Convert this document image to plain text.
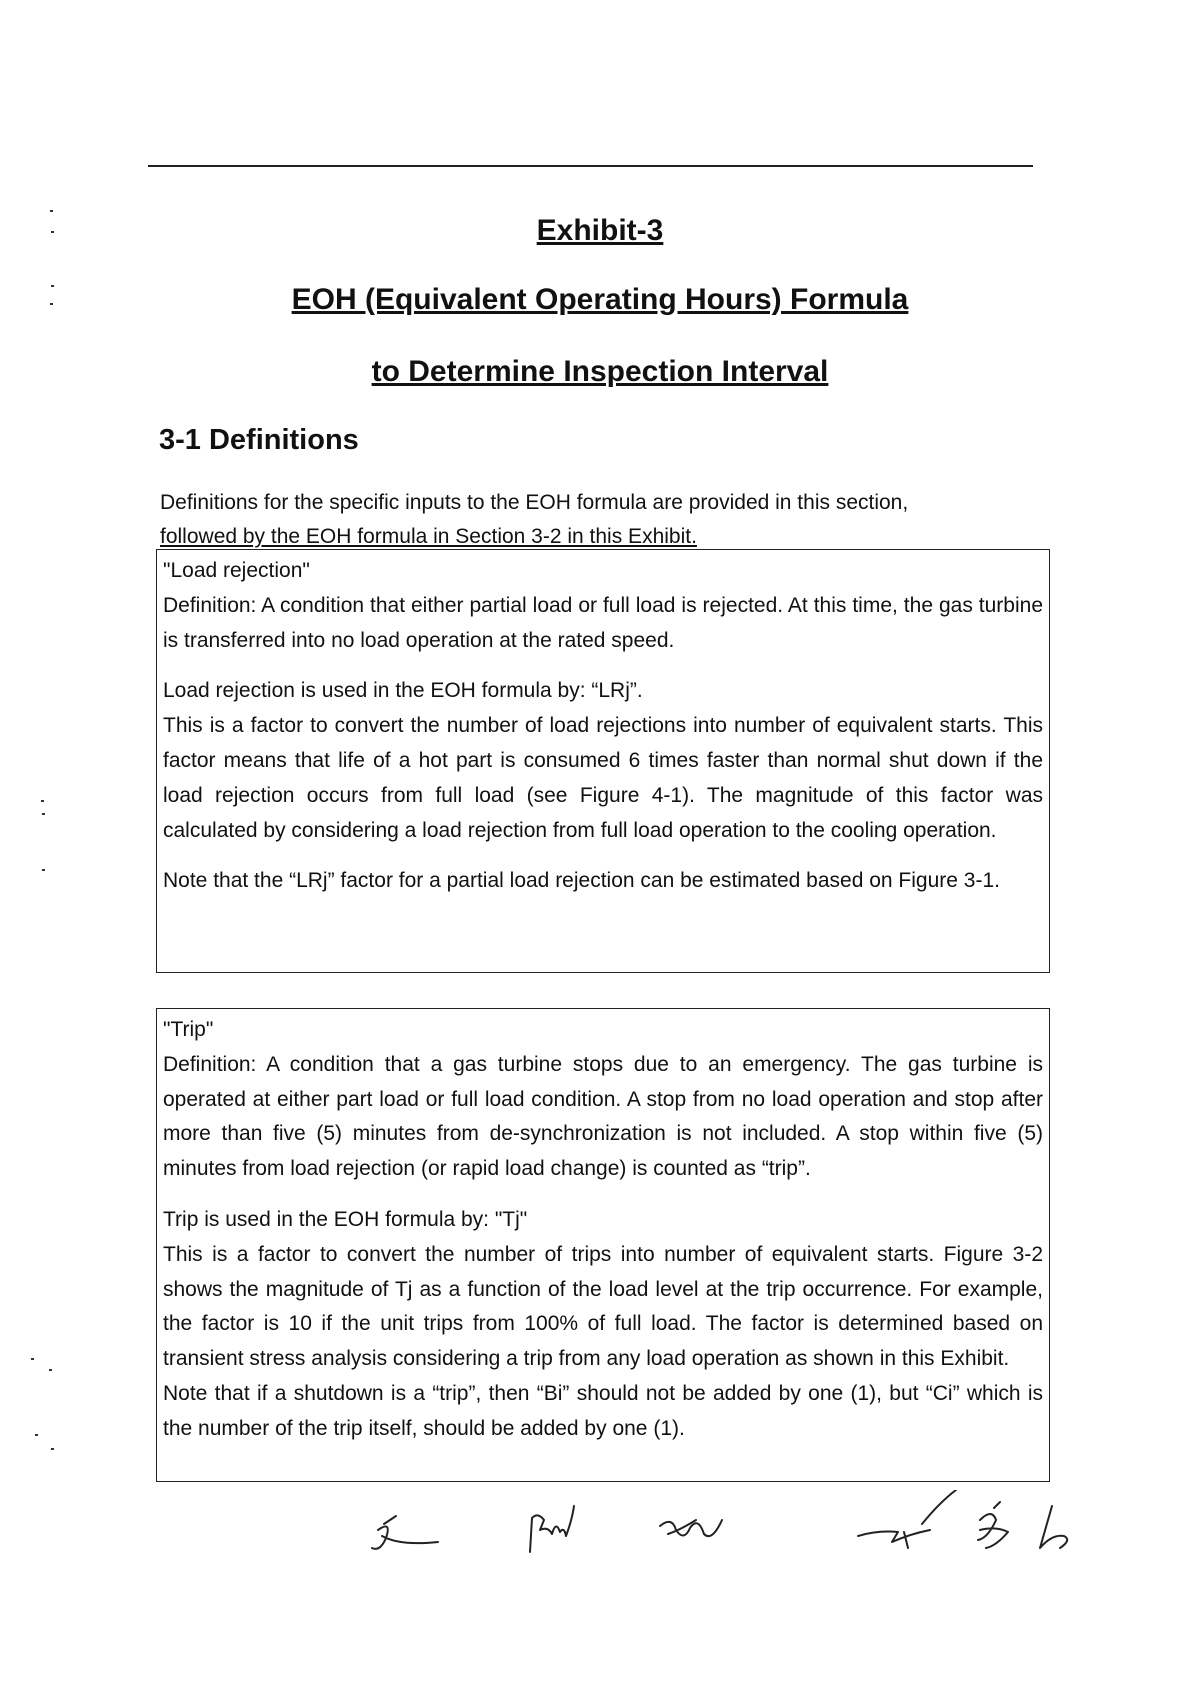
Exhibit-3
EOH (Equivalent Operating Hours) Formula
to Determine Inspection Interval
3-1 Definitions
Definitions for the specific inputs to the EOH formula are provided in this section,
followed by the EOH formula in Section 3-2 in this Exhibit.

"Load rejection"

Definition: A condition that either partial load or full load is rejected. At this time, the gas turbine is transferred into no load operation at the rated speed.

Load rejection is used in the EOH formula by: “LRj”.

This is a factor to convert the number of load rejections into number of equivalent starts. This factor means that life of a hot part is consumed 6 times faster than normal shut down if the load rejection occurs from full load (see Figure 4-1). The magnitude of this factor was calculated by considering a load rejection from full load operation to the cooling operation.

Note that the “LRj” factor for a partial load rejection can be estimated based on Figure 3-1.

"Trip"

Definition: A condition that a gas turbine stops due to an emergency. The gas turbine is operated at either part load or full load condition. A stop from no load operation and stop after more than five (5) minutes from de-synchronization is not included. A stop within five (5) minutes from load rejection (or rapid load change) is counted as “trip”.

Trip is used in the EOH formula by: "Tj"

This is a factor to convert the number of trips into number of equivalent starts. Figure 3-2 shows the magnitude of Tj as a function of the load level at the trip occurrence. For example, the factor is 10 if the unit trips from 100% of full load. The factor is determined based on transient stress analysis considering a trip from any load operation as shown in this Exhibit.

Note that if a shutdown is a “trip”, then “Bi” should not be added by one (1), but “Ci” which is the number of the trip itself, should be added by one (1).
